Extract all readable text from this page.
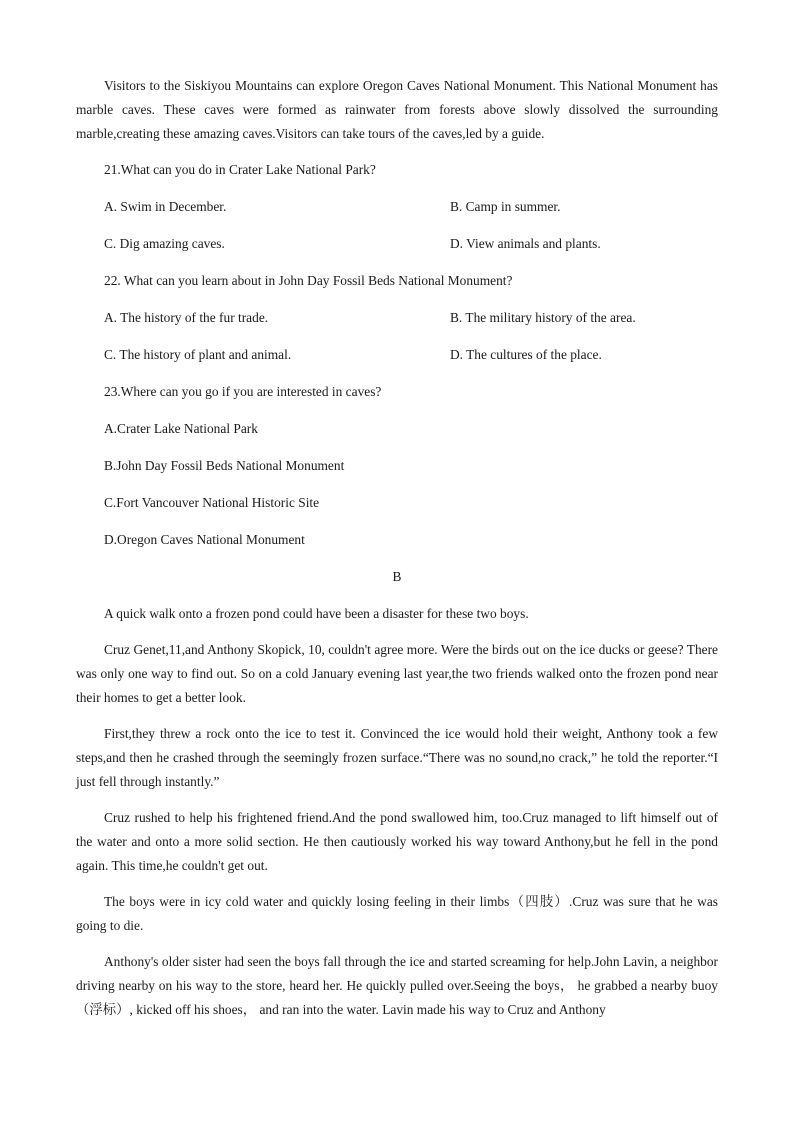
Visitors to the Siskiyou Mountains can explore Oregon Caves National Monument. This National Monument has marble caves. These caves were formed as rainwater from forests above slowly dissolved the surrounding marble,creating these amazing caves.Visitors can take tours of the caves,led by a guide.

21.What can you do in Crater Lake National Park?

A. Swim in December.	B. Camp in summer.
C. Dig amazing caves.	D. View animals and plants.

22. What can you learn about in John Day Fossil Beds National Monument?

A. The history of the fur trade.	B. The military history of the area.
C. The history of plant and animal.	D. The cultures of the place.

23.Where can you go if you are interested in caves?

A.Crater Lake National Park

B.John Day Fossil Beds National Monument

C.Fort Vancouver National Historic Site

D.Oregon Caves National Monument

B

A quick walk onto a frozen pond could have been a disaster for these two boys.

Cruz Genet,11,and Anthony Skopick, 10, couldn't agree more. Were the birds out on the ice ducks or geese? There was only one way to find out. So on a cold January evening last year,the two friends walked onto the frozen pond near their homes to get a better look.

First,they threw a rock onto the ice to test it. Convinced the ice would hold their weight, Anthony took a few steps,and then he crashed through the seemingly frozen surface.“There was no sound,no crack,” he told the reporter.“I just fell through instantly.”

Cruz rushed to help his frightened friend.And the pond swallowed him, too.Cruz managed to lift himself out of the water and onto a more solid section. He then cautiously worked his way toward Anthony,but he fell in the pond again. This time,he couldn't get out.

The boys were in icy cold water and quickly losing feeling in their limbs（四肢）.Cruz was sure that he was going to die.

Anthony's older sister had seen the boys fall through the ice and started screaming for help.John Lavin, a neighbor driving nearby on his way to the store, heard her. He quickly pulled over.Seeing the boys， he grabbed a nearby buoy（浮标）, kicked off his shoes， and ran into the water. Lavin made his way to Cruz and Anthony
